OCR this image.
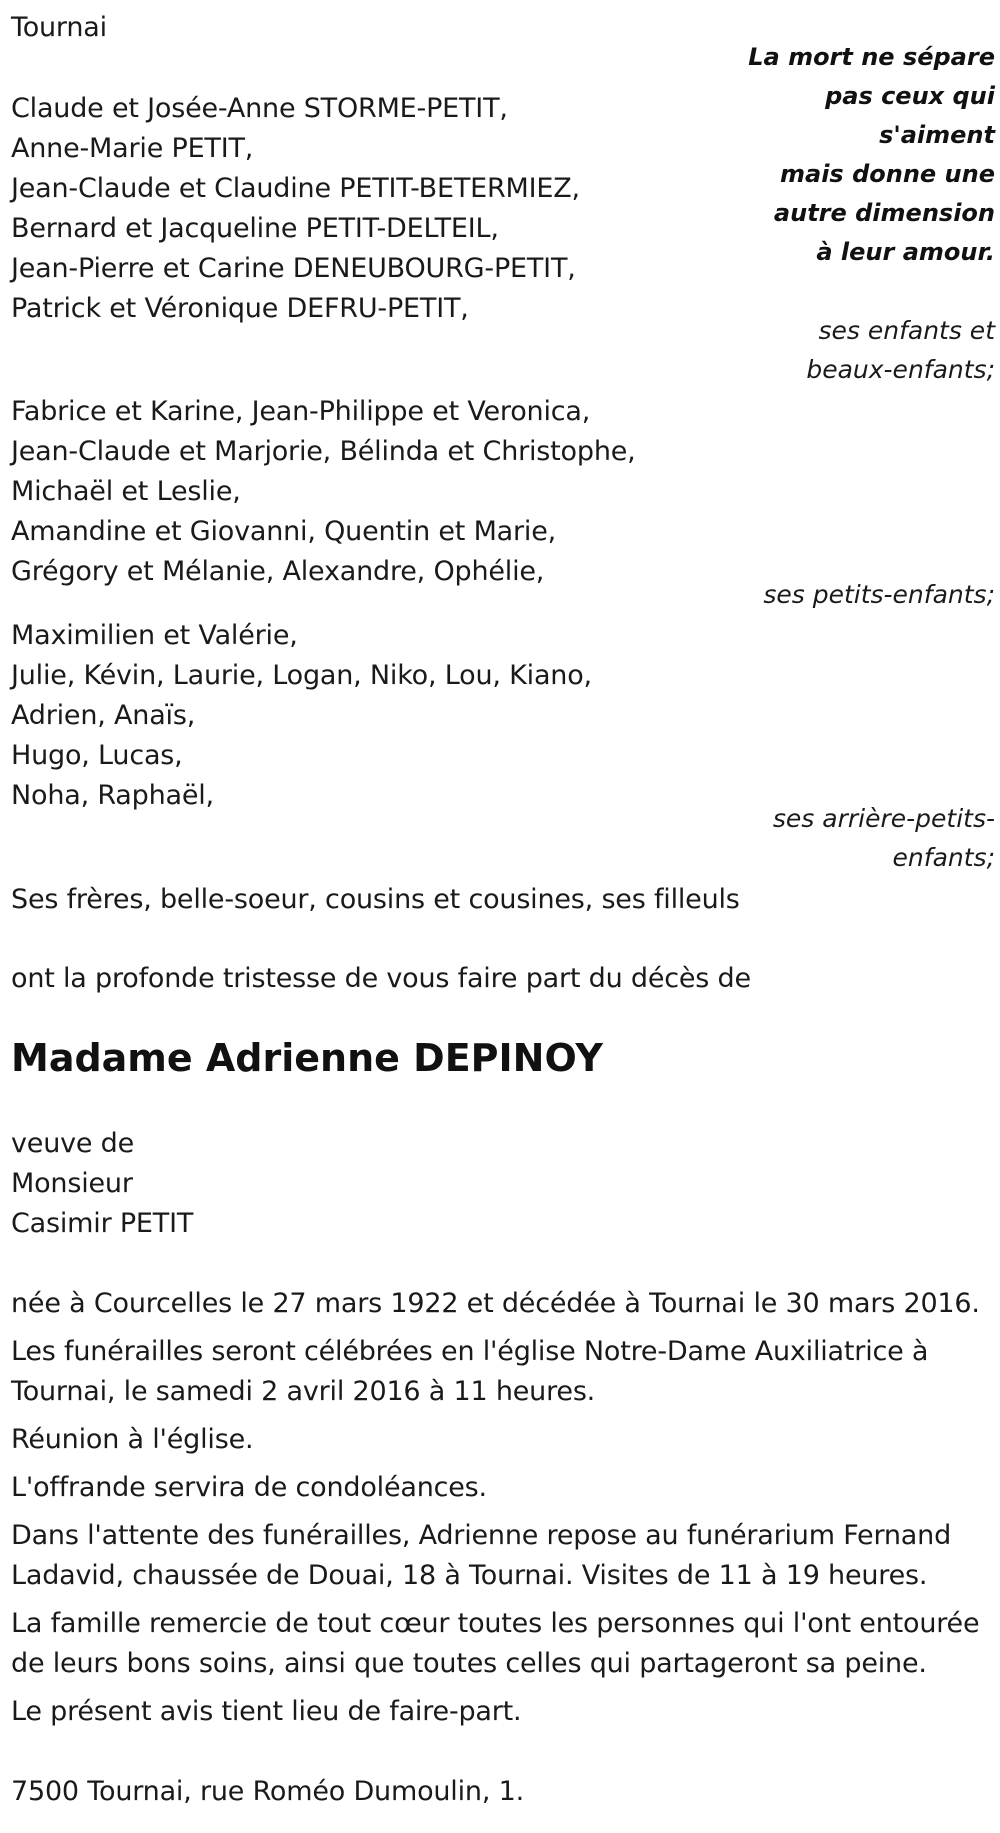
Tournai
La mort ne sépare
pas ceux qui
s'aiment
mais donne une
autre dimension
à leur amour.
Claude et Josée-Anne STORME-PETIT,
Anne-Marie PETIT,
Jean-Claude et Claudine PETIT-BETERMIEZ,
Bernard et Jacqueline PETIT-DELTEIL,
Jean-Pierre et Carine DENEUBOURG-PETIT,
Patrick et Véronique DEFRU-PETIT,
ses enfants et
beaux-enfants;
Fabrice et Karine, Jean-Philippe et Veronica,
Jean-Claude et Marjorie, Bélinda et Christophe,
Michaël et Leslie,
Amandine et Giovanni, Quentin et Marie,
Grégory et Mélanie, Alexandre, Ophélie,
ses petits-enfants;
Maximilien et Valérie,
Julie, Kévin, Laurie, Logan, Niko, Lou, Kiano,
Adrien, Anaïs,
Hugo, Lucas,
Noha, Raphaël,
ses arrière-petits-
enfants;
Ses frères, belle-soeur, cousins et cousines, ses filleuls
ont la profonde tristesse de vous faire part du décès de
Madame Adrienne DEPINOY
veuve de
Monsieur
Casimir PETIT
née à Courcelles le 27 mars 1922 et décédée à Tournai le 30 mars 2016.
Les funérailles seront célébrées en l'église Notre-Dame Auxiliatrice à
Tournai, le samedi 2 avril 2016 à 11 heures.
Réunion à l'église.
L'offrande servira de condoléances.
Dans l'attente des funérailles, Adrienne repose au funérarium Fernand
Ladavid, chaussée de Douai, 18 à Tournai. Visites de 11 à 19 heures.
La famille remercie de tout cœur toutes les personnes qui l'ont entourée
de leurs bons soins, ainsi que toutes celles qui partageront sa peine.
Le présent avis tient lieu de faire-part.
7500 Tournai, rue Roméo Dumoulin, 1.
